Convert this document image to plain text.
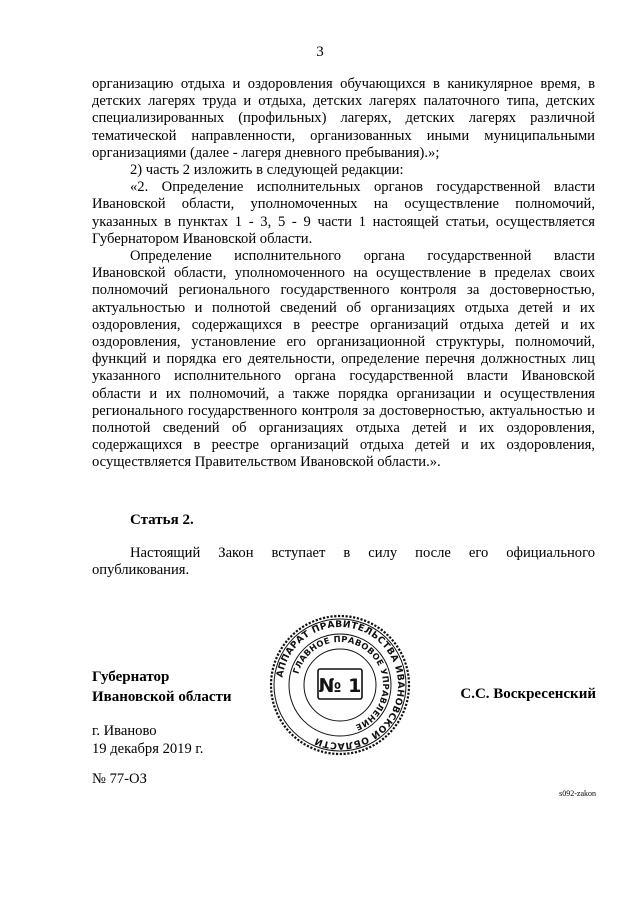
3

организацию отдыха и оздоровления обучающихся в каникулярное время, в детских лагерях труда и отдыха, детских лагерях палаточного типа, детских специализированных (профильных) лагерях, детских лагерях различной тематической направленности, организованных иными муниципальными организациями (далее - лагеря дневного пребывания).»;

2) часть 2 изложить в следующей редакции:

«2. Определение исполнительных органов государственной власти Ивановской области, уполномоченных на осуществление полномочий, указанных в пунктах 1 - 3, 5 - 9 части 1 настоящей статьи, осуществляется Губернатором Ивановской области.

Определение исполнительного органа государственной власти Ивановской области, уполномоченного на осуществление в пределах своих полномочий регионального государственного контроля за достоверностью, актуальностью и полнотой сведений об организациях отдыха детей и их оздоровления, содержащихся в реестре организаций отдыха детей и их оздоровления, установление его организационной структуры, полномочий, функций и порядка его деятельности, определение перечня должностных лиц указанного исполнительного органа государственной власти Ивановской области и их полномочий, а также порядка организации и осуществления регионального государственного контроля за достоверностью, актуальностью и полнотой сведений об организациях отдыха детей и их оздоровления, содержащихся в реестре организаций отдыха детей и их оздоровления, осуществляется Правительством Ивановской области.».

Статья 2.

Настоящий Закон вступает в силу после его официального опубликования.

Губернатор
Ивановской области	С.С. Воскресенский
АППАРАТ ПРАВИТЕЛЬСТВА ИВАНОВСКОЙ ОБЛАСТИ
ГЛАВНОЕ ПРАВОВОЕ УПРАВЛЕНИЕ
№ 1
г. Иваново
19 декабря 2019 г.
№ 77-ОЗ
s092-zakon
